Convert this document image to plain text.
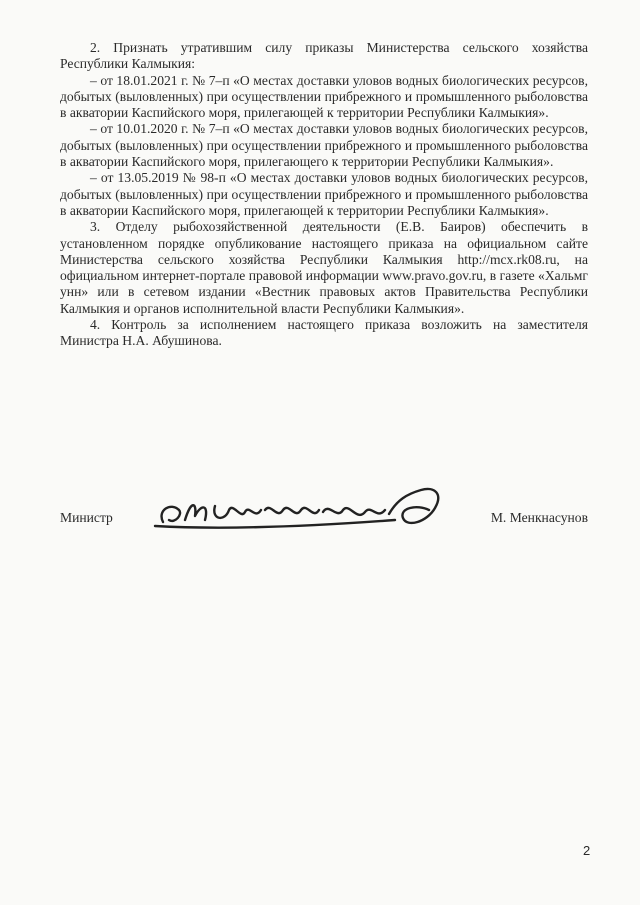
2. Признать утратившим силу приказы Министерства сельского хозяйства Республики Калмыкия:

– от 18.01.2021 г. № 7–п «О местах доставки уловов водных биологических ресурсов, добытых (выловленных) при осуществлении прибрежного и промышленного рыболовства в акватории Каспийского моря, прилегающей к территории Республики Калмыкия».

– от 10.01.2020 г. № 7–п «О местах доставки уловов водных биологических ресурсов, добытых (выловленных) при осуществлении прибрежного и промышленного рыболовства в акватории Каспийского моря, прилегающего к территории Республики Калмыкия».

– от 13.05.2019 № 98-п «О местах доставки уловов водных биологических ресурсов, добытых (выловленных) при осуществлении прибрежного и промышленного рыболовства в акватории Каспийского моря, прилегающей к территории Республики Калмыкия».

3. Отделу рыбохозяйственной деятельности (Е.В. Баиров) обеспечить в установленном порядке опубликование настоящего приказа на официальном сайте Министерства сельского хозяйства Республики Калмыкия http://mcx.rk08.ru, на официальном интернет-портале правовой информации www.pravo.gov.ru, в газете «Хальмг унн» или в сетевом издании «Вестник правовых актов Правительства Республики Калмыкия и органов исполнительной власти Республики Калмыкия».

4. Контроль за исполнением настоящего приказа возложить на заместителя Министра Н.А. Абушинова.

Министр	М. Менкнасунов
2
